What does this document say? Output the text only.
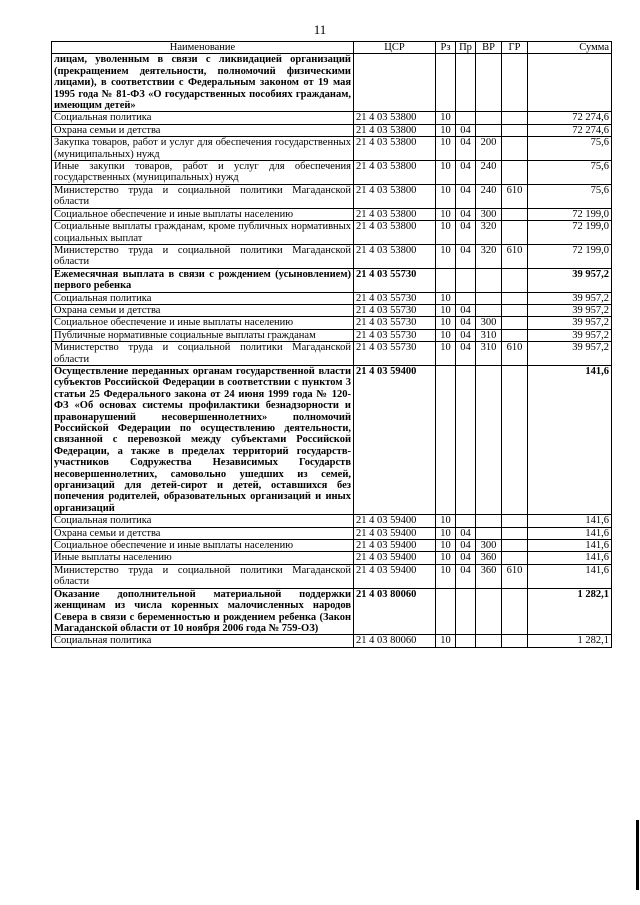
11
Наименование	ЦСР	Рз	Пр	ВР	ГР	Сумма
лицам, уволенным в связи с ликвидацией организаций (прекращением деятельности, полномочий физическими лицами), в соответствии с Федеральным законом от 19 мая 1995 года № 81-ФЗ «О государственных пособиях гражданам, имеющим детей»						
Социальная политика	21 4 03 53800	10				72 274,6
Охрана семьи и детства	21 4 03 53800	10	04			72 274,6
Закупка товаров, работ и услуг для обеспечения государственных (муниципальных) нужд	21 4 03 53800	10	04	200		75,6
Иные закупки товаров, работ и услуг для обеспечения государственных (муниципальных) нужд	21 4 03 53800	10	04	240		75,6
Министерство труда и социальной политики Магаданской области	21 4 03 53800	10	04	240	610	75,6
Социальное обеспечение и иные выплаты населению	21 4 03 53800	10	04	300		72 199,0
Социальные выплаты гражданам, кроме публичных нормативных социальных выплат	21 4 03 53800	10	04	320		72 199,0
Министерство труда и социальной политики Магаданской области	21 4 03 53800	10	04	320	610	72 199,0
Ежемесячная выплата в связи с рождением (усыновлением) первого ребенка	21 4 03 55730					39 957,2
Социальная политика	21 4 03 55730	10				39 957,2
Охрана семьи и детства	21 4 03 55730	10	04			39 957,2
Социальное обеспечение и иные выплаты населению	21 4 03 55730	10	04	300		39 957,2
Публичные нормативные социальные выплаты гражданам	21 4 03 55730	10	04	310		39 957,2
Министерство труда и социальной политики Магаданской области	21 4 03 55730	10	04	310	610	39 957,2
Осуществление переданных органам государственной власти субъектов Российской Федерации в соответствии с пунктом 3 статьи 25 Федерального закона от 24 июня 1999 года № 120-ФЗ «Об основах системы профилактики безнадзорности и правонарушений несовершеннолетних» полномочий Российской Федерации по осуществлению деятельности, связанной с перевозкой между субъектами Российской Федерации, а также в пределах территорий государств-участников Содружества Независимых Государств несовершеннолетних, самовольно ушедших из семей, организаций для детей-сирот и детей, оставшихся без попечения родителей, образовательных организаций и иных организаций	21 4 03 59400					141,6
Социальная политика	21 4 03 59400	10				141,6
Охрана семьи и детства	21 4 03 59400	10	04			141,6
Социальное обеспечение и иные выплаты населению	21 4 03 59400	10	04	300		141,6
Иные выплаты населению	21 4 03 59400	10	04	360		141,6
Министерство труда и социальной политики Магаданской области	21 4 03 59400	10	04	360	610	141,6
Оказание дополнительной материальной поддержки женщинам из числа коренных малочисленных народов Севера в связи с беременностью и рождением ребенка (Закон Магаданской области от 10 ноября 2006 года № 759-ОЗ)	21 4 03 80060					1 282,1
Социальная политика	21 4 03 80060	10				1 282,1
